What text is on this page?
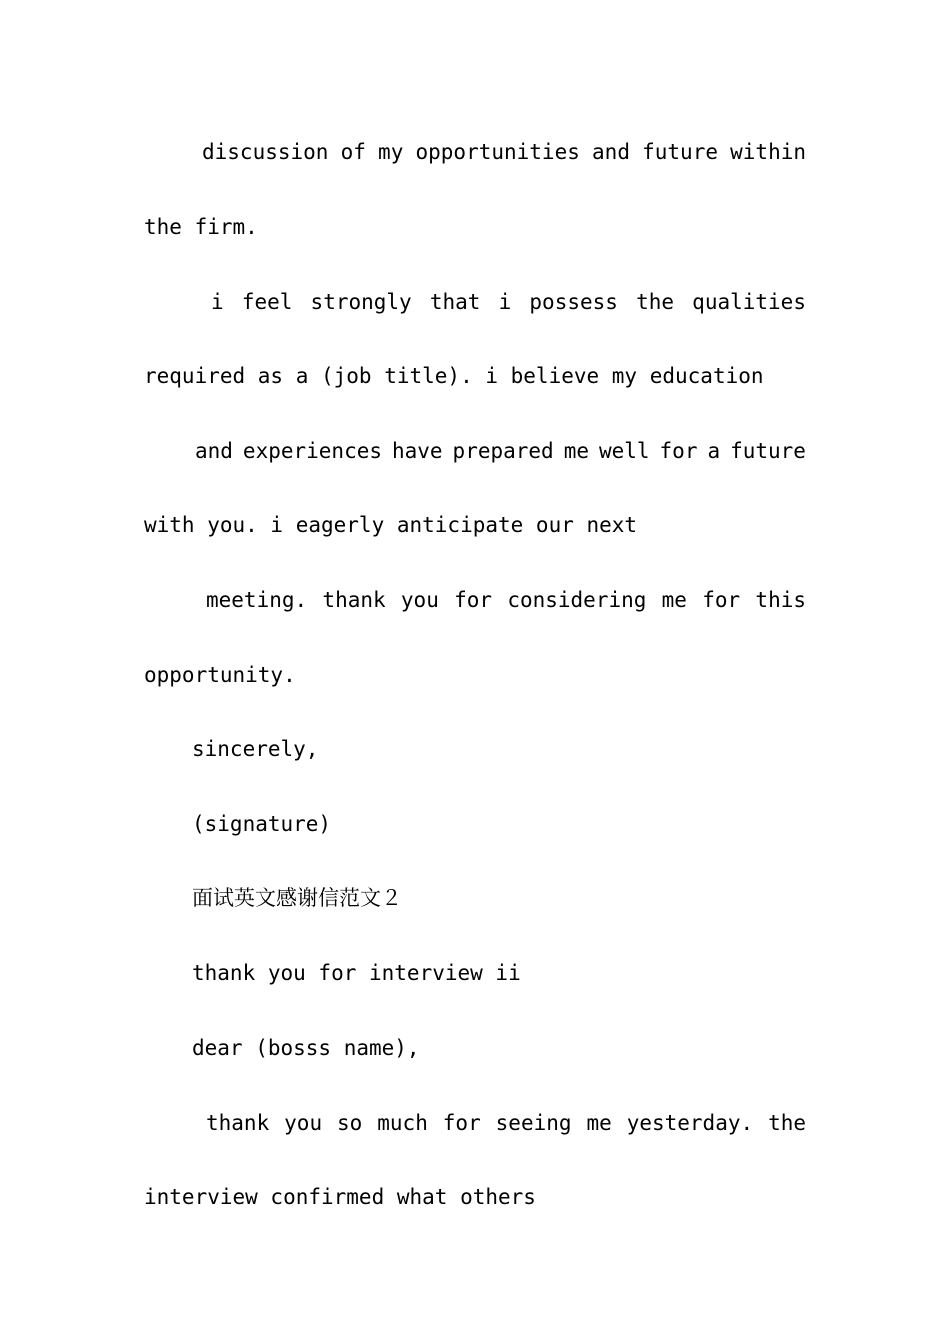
discussion of my opportunities and future within
the firm.
i feel strongly that i possess the qualities
required as a (job title). i believe my education
and experiences have prepared me well for a future
with you. i eagerly anticipate our next
meeting. thank you for considering me for this
opportunity.
sincerely,
(signature)
面试英文感谢信范文２
thank you for interview ii
dear (bosss name),
thank you so much for seeing me yesterday. the
interview confirmed what others
